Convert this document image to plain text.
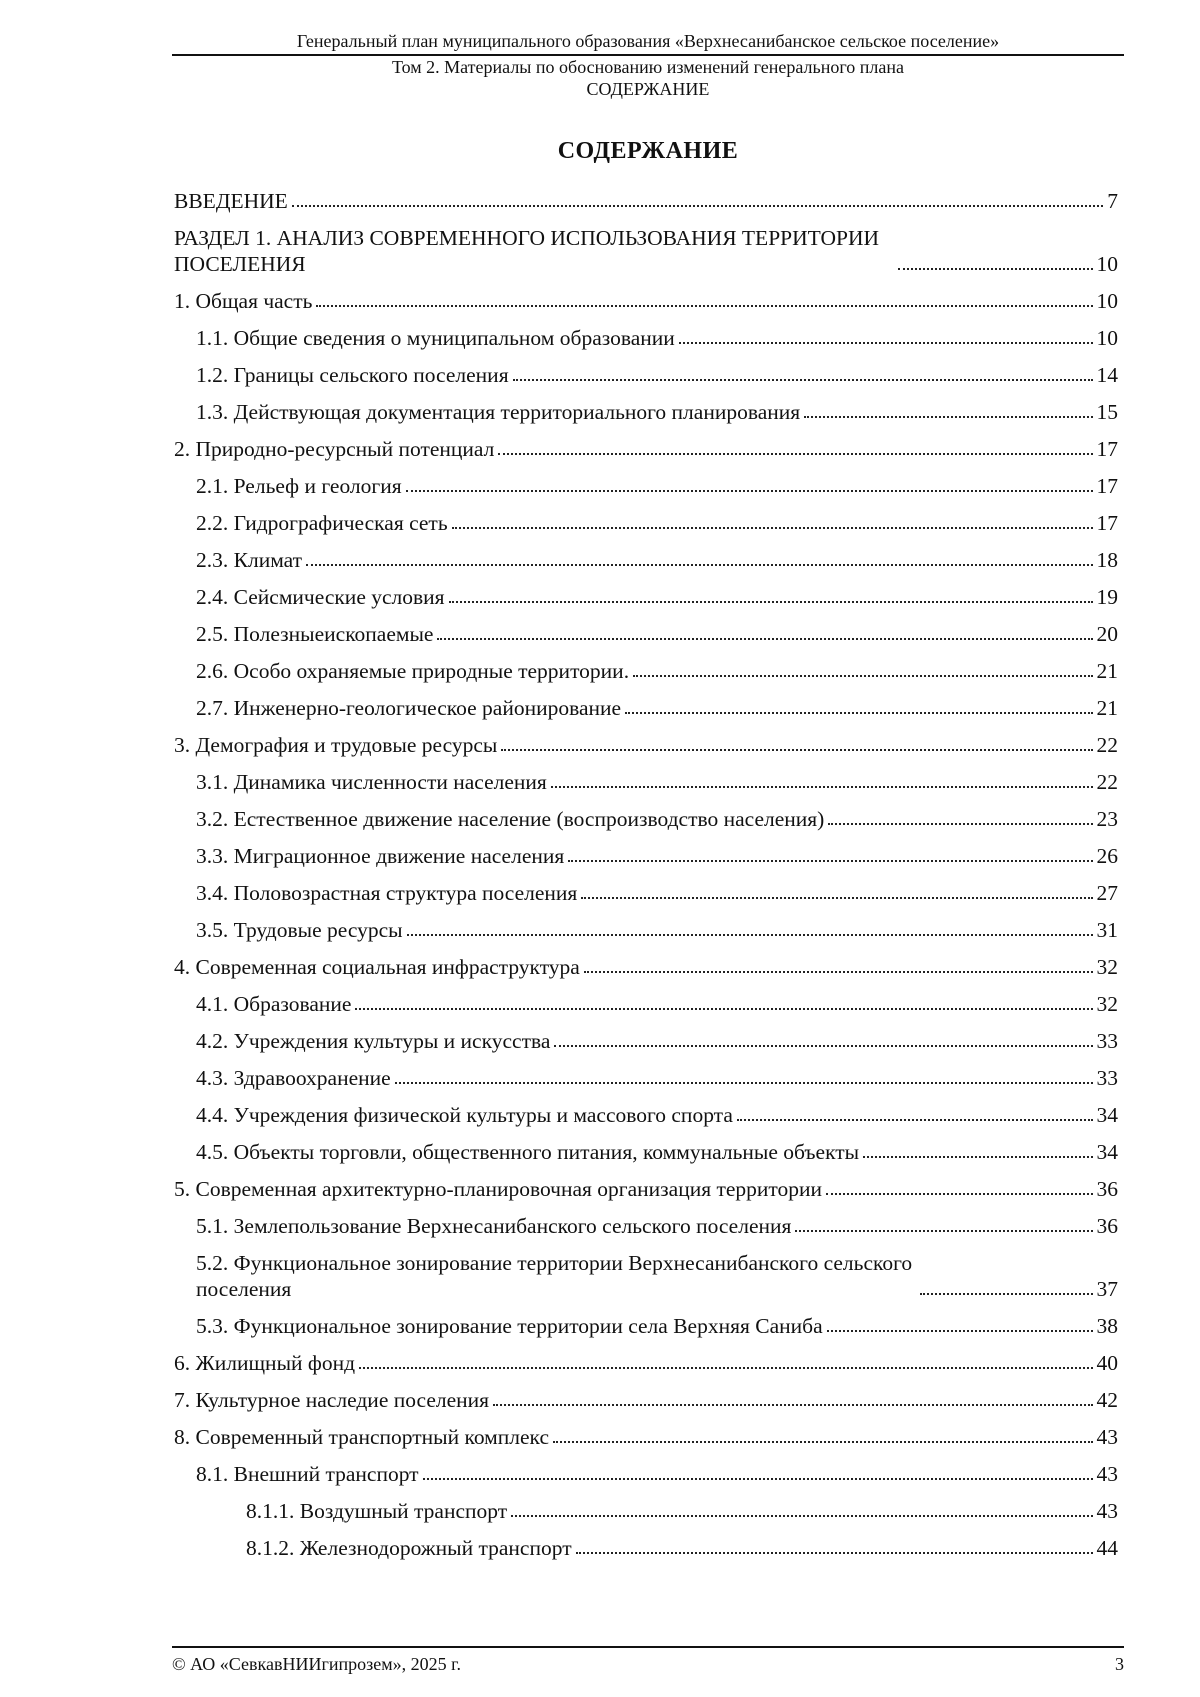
Генеральный план муниципального образования «Верхнесанибанское сельское поселение»
Том 2. Материалы по обоснованию изменений генерального плана
СОДЕРЖАНИЕ
СОДЕРЖАНИЕ
ВВЕДЕНИЕ	7
РАЗДЕЛ 1. АНАЛИЗ СОВРЕМЕННОГО ИСПОЛЬЗОВАНИЯ ТЕРРИТОРИИ ПОСЕЛЕНИЯ	10
1. Общая часть	10
1.1. Общие сведения о муниципальном образовании	10
1.2. Границы сельского поселения	14
1.3. Действующая документация территориального планирования	15
2. Природно-ресурсный потенциал	17
2.1. Рельеф и геология	17
2.2. Гидрографическая сеть	17
2.3. Климат	18
2.4. Сейсмические условия	19
2.5. Полезныеископаемые	20
2.6. Особо охраняемые природные территории.	21
2.7. Инженерно-геологическое районирование	21
3. Демография и трудовые ресурсы	22
3.1. Динамика численности населения	22
3.2. Естественное движение население (воспроизводство населения)	23
3.3. Миграционное движение населения	26
3.4. Половозрастная структура поселения	27
3.5. Трудовые ресурсы	31
4. Современная социальная инфраструктура	32
4.1. Образование	32
4.2. Учреждения культуры и искусства	33
4.3. Здравоохранение	33
4.4. Учреждения физической культуры и массового спорта	34
4.5. Объекты торговли, общественного питания, коммунальные объекты	34
5. Современная архитектурно-планировочная организация территории	36
5.1. Землепользование Верхнесанибанского сельского поселения	36
5.2. Функциональное зонирование территории Верхнесанибанского сельского поселения	37
5.3. Функциональное зонирование территории села Верхняя Саниба	38
6. Жилищный фонд	40
7. Культурное наследие поселения	42
8. Современный транспортный комплекс	43
8.1. Внешний транспорт	43
8.1.1. Воздушный транспорт	43
8.1.2. Железнодорожный транспорт	44
© АО «СевкавНИИгипрозем», 2025 г.	3
